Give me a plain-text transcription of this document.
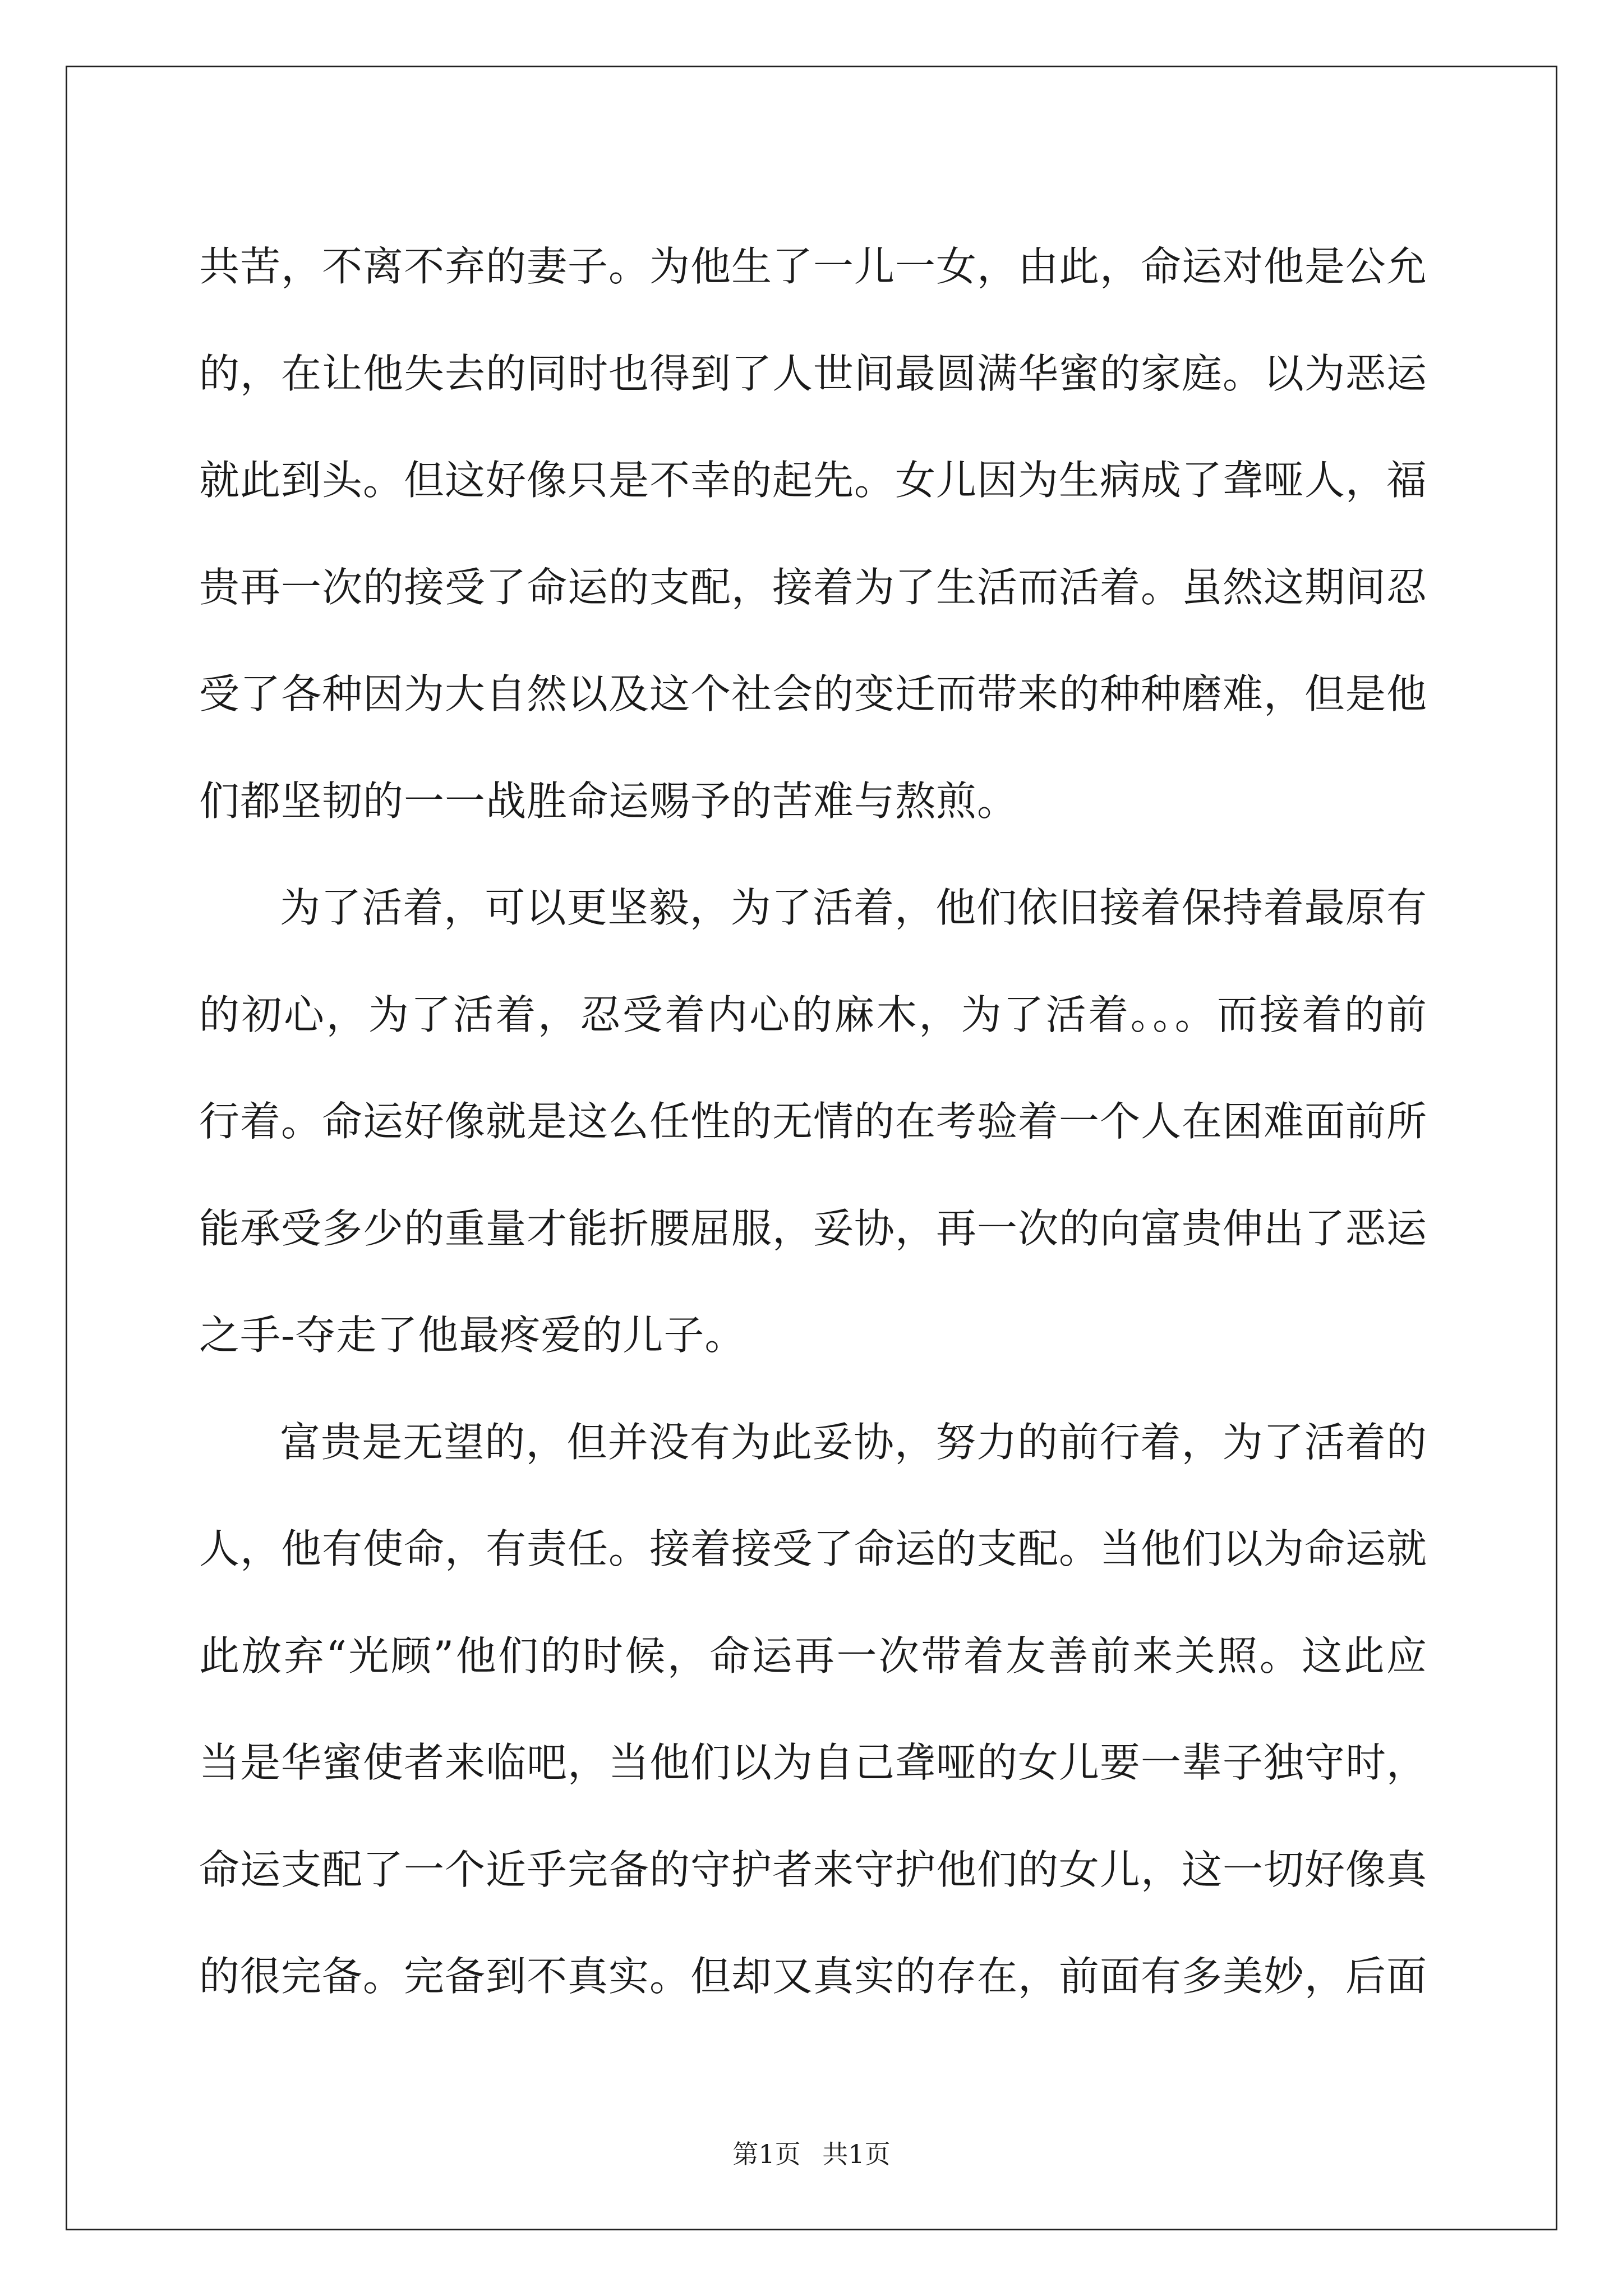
共苦，不离不弃的妻子。为他生了一儿一女，由此，命运对他是公允的，在让他失去的同时也得到了人世间最圆满华蜜的家庭。以为恶运就此到头。但这好像只是不幸的起先。女儿因为生病成了聋哑人，福贵再一次的接受了命运的支配，接着为了生活而活着。虽然这期间忍受了各种因为大自然以及这个社会的变迁而带来的种种磨难，但是他们都坚韧的一一战胜命运赐予的苦难与熬煎。

为了活着，可以更坚毅，为了活着，他们依旧接着保持着最原有的初心，为了活着，忍受着内心的麻木，为了活着。。。而接着的前行着。命运好像就是这么任性的无情的在考验着一个人在困难面前所能承受多少的重量才能折腰屈服，妥协，再一次的向富贵伸出了恶运之手-夺走了他最疼爱的儿子。

富贵是无望的，但并没有为此妥协，努力的前行着，为了活着的人，他有使命，有责任。接着接受了命运的支配。当他们以为命运就此放弃“光顾”他们的时候，命运再一次带着友善前来关照。这此应当是华蜜使者来临吧，当他们以为自己聋哑的女儿要一辈子独守时，命运支配了一个近乎完备的守护者来守护他们的女儿，这一切好像真的很完备。完备到不真实。但却又真实的存在，前面有多美妙，后面

第1页 共1页
